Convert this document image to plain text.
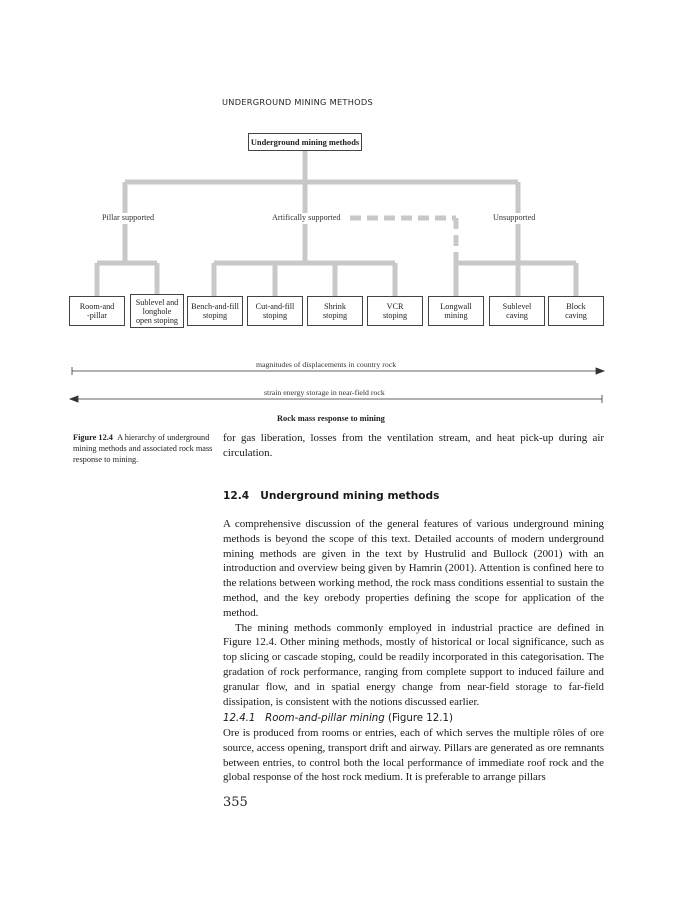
UNDERGROUND MINING METHODS
Underground mining methods
Pillar supported	Artifically supported	Unsupported
Room-and
-pillar
Sublevel and
longhole
open stoping
Bench-and-fill
stoping
Cut-and-fill
stoping
Shrink
stoping
VCR
stoping
Longwall
mining
Sublevel
caving
Block
caving
magnitudes of displacements in country rock
strain energy storage in near-field rock
Rock mass response to mining
Figure 12.4 A hierarchy of underground mining methods and associated rock mass response to mining.

for gas liberation, losses from the ventilation stream, and heat pick-up during air circulation.

12.4 Underground mining methods

A comprehensive discussion of the general features of various underground mining methods is beyond the scope of this text. Detailed accounts of modern underground mining methods are given in the text by Hustrulid and Bullock (2001) with an introduction and overview being given by Hamrin (2001). Attention is confined here to the relations between working method, the rock mass conditions essential to sustain the method, and the key orebody properties defining the scope for application of the method.

The mining methods commonly employed in industrial practice are defined in Figure 12.4. Other mining methods, mostly of historical or local significance, such as top slicing or cascade stoping, could be readily incorporated in this categorisation. The gradation of rock performance, ranging from complete support to induced failure and granular flow, and in spatial energy change from near-field storage to far-field dissipation, is consistent with the notions discussed earlier.

12.4.1 Room-and-pillar mining (Figure 12.1)

Ore is produced from rooms or entries, each of which serves the multiple rôles of ore source, access opening, transport drift and airway. Pillars are generated as ore remnants between entries, to control both the local performance of immediate roof rock and the global response of the host rock medium. It is preferable to arrange pillars

355
